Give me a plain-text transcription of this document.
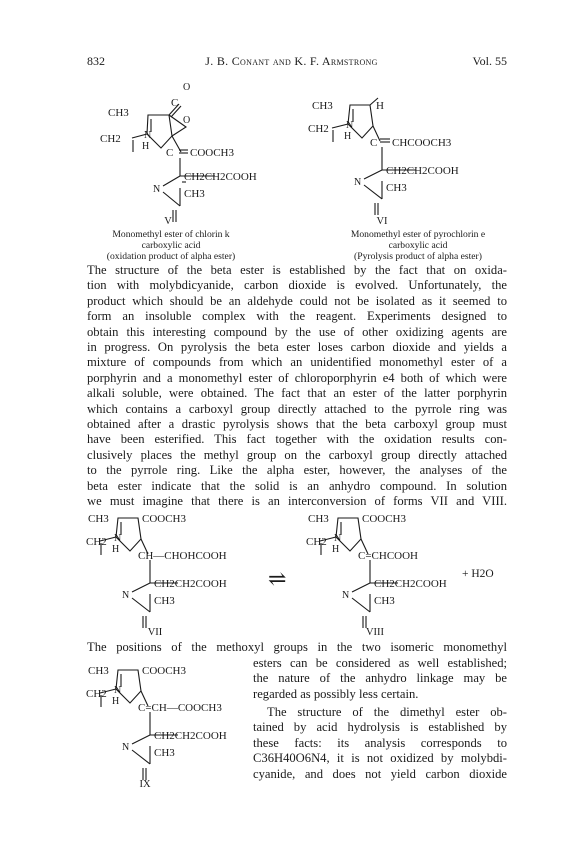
832	J. B. Conant and K. F. Armstrong	Vol. 55
CH3
O
C
O
CH2 N
H
C COOCH3
CH2CH2COOH
N CH3
V
Monomethyl ester of chlorin k
carboxylic acid
(oxidation product of alpha ester)
CH3	H
CH2 N
H
C CHCOOCH3
CH2CH2COOH
N CH3
VI
Monomethyl ester of pyrochlorin e
carboxylic acid
(Pyrolysis product of alpha ester)
The structure of the beta ester is established by the fact that on oxida-
tion with molybdicyanide, carbon dioxide is evolved. Unfortunately, the
product which should be an aldehyde could not be isolated as it seemed to
form an insoluble complex with the reagent. Experiments designed to
obtain this interesting compound by the use of other oxidizing agents are
in progress. On pyrolysis the beta ester loses carbon dioxide and yields a
mixture of compounds from which an unidentified monomethyl ester of a
porphyrin and a monomethyl ester of chloroporphyrin e4 both of which were
alkali soluble, were obtained. The fact that an ester of the latter porphyrin
which contains a carboxyl group directly attached to the pyrrole ring was
obtained after a drastic pyrolysis shows that the beta carboxyl group must
have been esterified. This fact together with the oxidation results con-
clusively places the methyl group on the carboxyl group directly attached
to the pyrrole ring. Like the alpha ester, however, the analyses of the
beta ester indicate that the solid is an anhydro compound. In solution
we must imagine that there is an interconversion of forms VII and VIII.
CH3	COOCH3
CH2 N
H
CH—CHOHCOOH
CH2CH2COOH
N CH3
VII
⇌
CH3	COOCH3
CH2 N
H
C=CHCOOH
CH2CH2COOH
N CH3
+ H2O
VIII
The positions of the methoxyl groups in the two isomeric monomethyl
CH3	COOCH3
CH2 N
H
C=CH—COOCH3
CH2CH2COOH
N CH3
IX
esters can be considered as well established;
the nature of the anhydro linkage may be
regarded as possibly less certain.
The structure of the dimethyl ester ob-
tained by acid hydrolysis is established by
these facts: its analysis corresponds to
C36H40O6N4, it is not oxidized by molybdi-
cyanide, and does not yield carbon dioxide
